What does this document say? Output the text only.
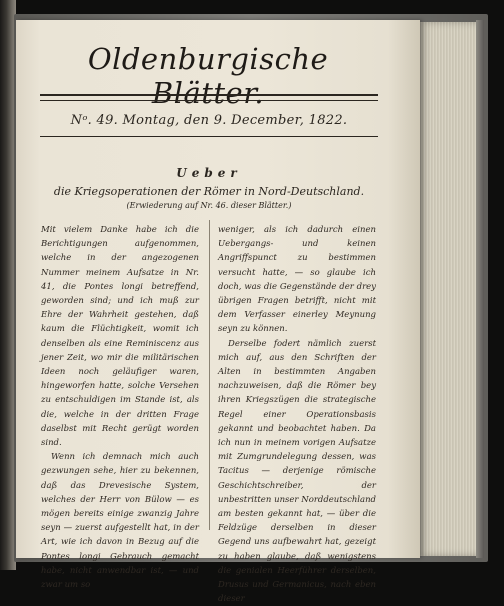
Oldenburgische Blätter.
Nᵒ. 49. Montag, den 9. December, 1822.
Ueber
die Kriegsoperationen der Römer in Nord-Deutschland.
(Erwiederung auf Nr. 46. dieser Blätter.)

Mit vielem Danke habe ich die Berichtigungen aufgenommen, welche in der angezogenen Nummer meinem Aufsatze in Nr. 41, die Pontes longi betreffend, geworden sind; und ich muß zur Ehre der Wahrheit gestehen, daß kaum die Flüchtigkeit, womit ich denselben als eine Reminiscenz aus jener Zeit, wo mir die militärischen Ideen noch geläufiger waren, hingeworfen hatte, solche Versehen zu entschuldigen im Stande ist, als die, welche in der dritten Frage daselbst mit Recht gerügt worden sind.

Wenn ich demnach mich auch gezwungen sehe, hier zu bekennen, daß das Drevesische System, welches der Herr von Bülow — es mögen bereits einige zwanzig Jahre seyn — zuerst aufgestellt hat, in der Art, wie ich davon in Bezug auf die Pontes longi Gebrauch gemacht habe, nicht anwendbar ist, — und zwar um so

weniger, als ich dadurch einen Uebergangs- und keinen Angriffspunct zu bestimmen versucht hatte, — so glaube ich doch, was die Gegenstände der drey übrigen Fragen betrifft, nicht mit dem Verfasser einerley Meynung seyn zu können.

Derselbe fodert nämlich zuerst mich auf, aus den Schriften der Alten in bestimmten Angaben nachzuweisen, daß die Römer bey ihren Kriegszügen die strategische Regel einer Operationsbasis gekannt und beobachtet haben. Da ich nun in meinem vorigen Aufsatze mit Zumgrundelegung dessen, was Tacitus — derjenige römische Geschichtschreiber, der unbestritten unser Norddeutschland am besten gekannt hat, — über die Feldzüge derselben in dieser Gegend uns aufbewahrt hat, gezeigt zu haben glaube, daß wenigstens die genialen Heerführer derselben, Drusus und Germanicus, nach eben dieser
